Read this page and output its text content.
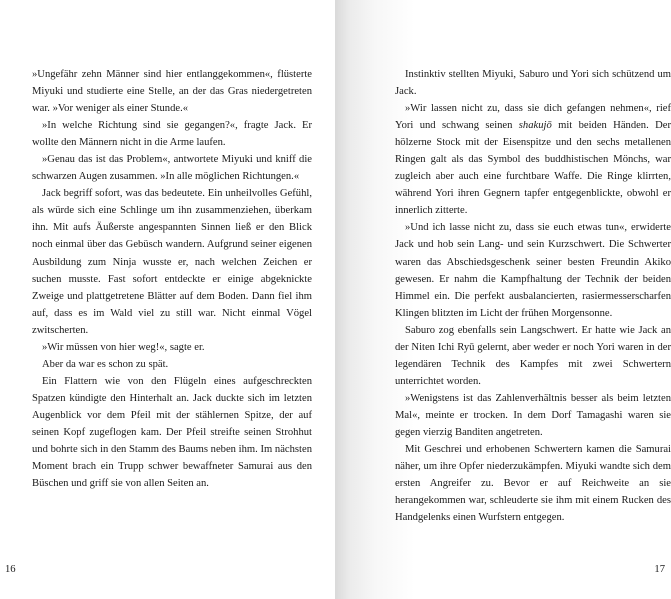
»Ungefähr zehn Männer sind hier entlanggekommen«, flüsterte Miyuki und studierte eine Stelle, an der das Gras niedergetreten war. »Vor weniger als einer Stunde.«

»In welche Richtung sind sie gegangen?«, fragte Jack. Er wollte den Männern nicht in die Arme laufen.

»Genau das ist das Problem«, antwortete Miyuki und kniff die schwarzen Augen zusammen. »In alle möglichen Richtungen.«

Jack begriff sofort, was das bedeutete. Ein unheilvolles Gefühl, als würde sich eine Schlinge um ihn zusammenziehen, überkam ihn. Mit aufs Äußerste angespannten Sinnen ließ er den Blick noch einmal über das Gebüsch wandern. Aufgrund seiner eigenen Ausbildung zum Ninja wusste er, nach welchen Zeichen er suchen musste. Fast sofort entdeckte er einige abgeknickte Zweige und plattgetretene Blätter auf dem Boden. Dann fiel ihm auf, dass es im Wald viel zu still war. Nicht einmal Vögel zwitscherten.

»Wir müssen von hier weg!«, sagte er.

Aber da war es schon zu spät.

Ein Flattern wie von den Flügeln eines aufgeschreckten Spatzen kündigte den Hinterhalt an. Jack duckte sich im letzten Augenblick vor dem Pfeil mit der stählernen Spitze, der auf seinen Kopf zugeflogen kam. Der Pfeil streifte seinen Strohhut und bohrte sich in den Stamm des Baums neben ihm. Im nächsten Moment brach ein Trupp schwer bewaffneter Samurai aus den Büschen und griff sie von allen Seiten an.

16

Instinktiv stellten Miyuki, Saburo und Yori sich schützend um Jack.

»Wir lassen nicht zu, dass sie dich gefangen nehmen«, rief Yori und schwang seinen shakujō mit beiden Händen. Der hölzerne Stock mit der Eisenspitze und den sechs metallenen Ringen galt als das Symbol des buddhistischen Mönchs, war zugleich aber auch eine furchtbare Waffe. Die Ringe klirrten, während Yori ihren Gegnern tapfer entgegenblickte, obwohl er innerlich zitterte.

»Und ich lasse nicht zu, dass sie euch etwas tun«, erwiderte Jack und hob sein Lang- und sein Kurzschwert. Die Schwerter waren das Abschiedsgeschenk seiner besten Freundin Akiko gewesen. Er nahm die Kampfhaltung der Technik der beiden Himmel ein. Die perfekt ausbalancierten, rasiermesserscharfen Klingen blitzten im Licht der frühen Morgensonne.

Saburo zog ebenfalls sein Langschwert. Er hatte wie Jack an der Niten Ichi Ryū gelernt, aber weder er noch Yori waren in der legendären Technik des Kampfes mit zwei Schwertern unterrichtet worden.

»Wenigstens ist das Zahlenverhältnis besser als beim letzten Mal«, meinte er trocken. In dem Dorf Tamagashi waren sie gegen vierzig Banditen angetreten.

Mit Geschrei und erhobenen Schwertern kamen die Samurai näher, um ihre Opfer niederzukämpfen. Miyuki wandte sich dem ersten Angreifer zu. Bevor er auf Reichweite an sie herangekommen war, schleuderte sie ihm mit einem Rucken des Handgelenks einen Wurfstern entgegen.

17
